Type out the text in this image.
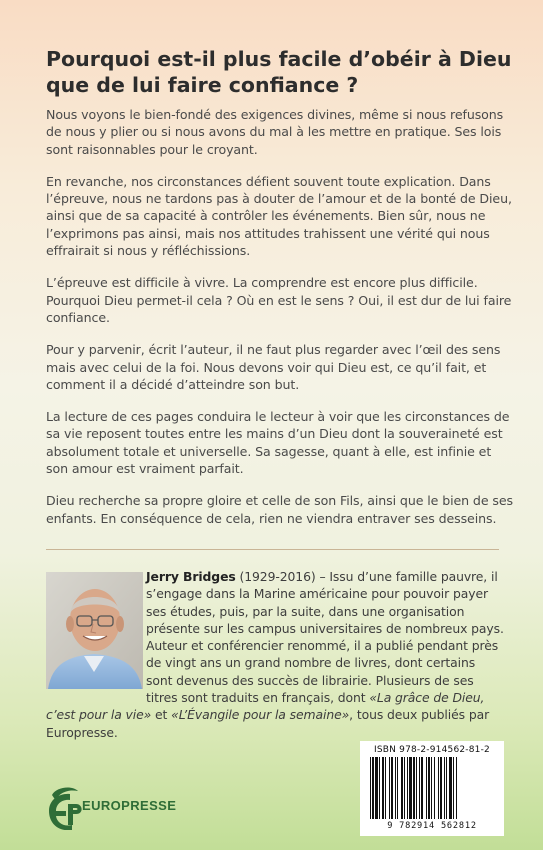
Pourquoi est-il plus facile d’obéir à Dieu que de lui faire confiance ?

Nous voyons le bien-fondé des exigences divines, même si nous refusons de nous y plier ou si nous avons du mal à les mettre en pratique. Ses lois sont raisonnables pour le croyant.

En revanche, nos circonstances défient souvent toute explication. Dans l’épreuve, nous ne tardons pas à douter de l’amour et de la bonté de Dieu, ainsi que de sa capacité à contrôler les événements. Bien sûr, nous ne l’exprimons pas ainsi, mais nos attitudes trahissent une vérité qui nous effrairait si nous y réfléchissions.

L’épreuve est difficile à vivre. La comprendre est encore plus difficile. Pourquoi Dieu permet-il cela ? Où en est le sens ? Oui, il est dur de lui faire confiance.

Pour y parvenir, écrit l’auteur, il ne faut plus regarder avec l’œil des sens mais avec celui de la foi. Nous devons voir qui Dieu est, ce qu’il fait, et comment il a décidé d’atteindre son but.

La lecture de ces pages conduira le lecteur à voir que les circonstances de sa vie reposent toutes entre les mains d’un Dieu dont la souveraineté est absolument totale et universelle. Sa sagesse, quant à elle, est infinie et son amour est vraiment parfait.

Dieu recherche sa propre gloire et celle de son Fils, ainsi que le bien de ses enfants. En conséquence de cela, rien ne viendra entraver ses desseins.

Jerry Bridges (1929-2016) – Issu d’une famille pauvre, il s’engage dans la Marine américaine pour pouvoir payer ses études, puis, par la suite, dans une organisation présente sur les campus universitaires de nombreux pays. Auteur et conférencier renommé, il a publié pendant près de vingt ans un grand nombre de livres, dont certains sont devenus des succès de librairie. Plusieurs de ses titres sont traduits en français, dont «La grâce de Dieu, c’est pour la vie» et «L’Évangile pour la semaine», tous deux publiés par Europresse.

ISBN 978-2-914562-81-2
9 782914 562812
EUROPRESSE
